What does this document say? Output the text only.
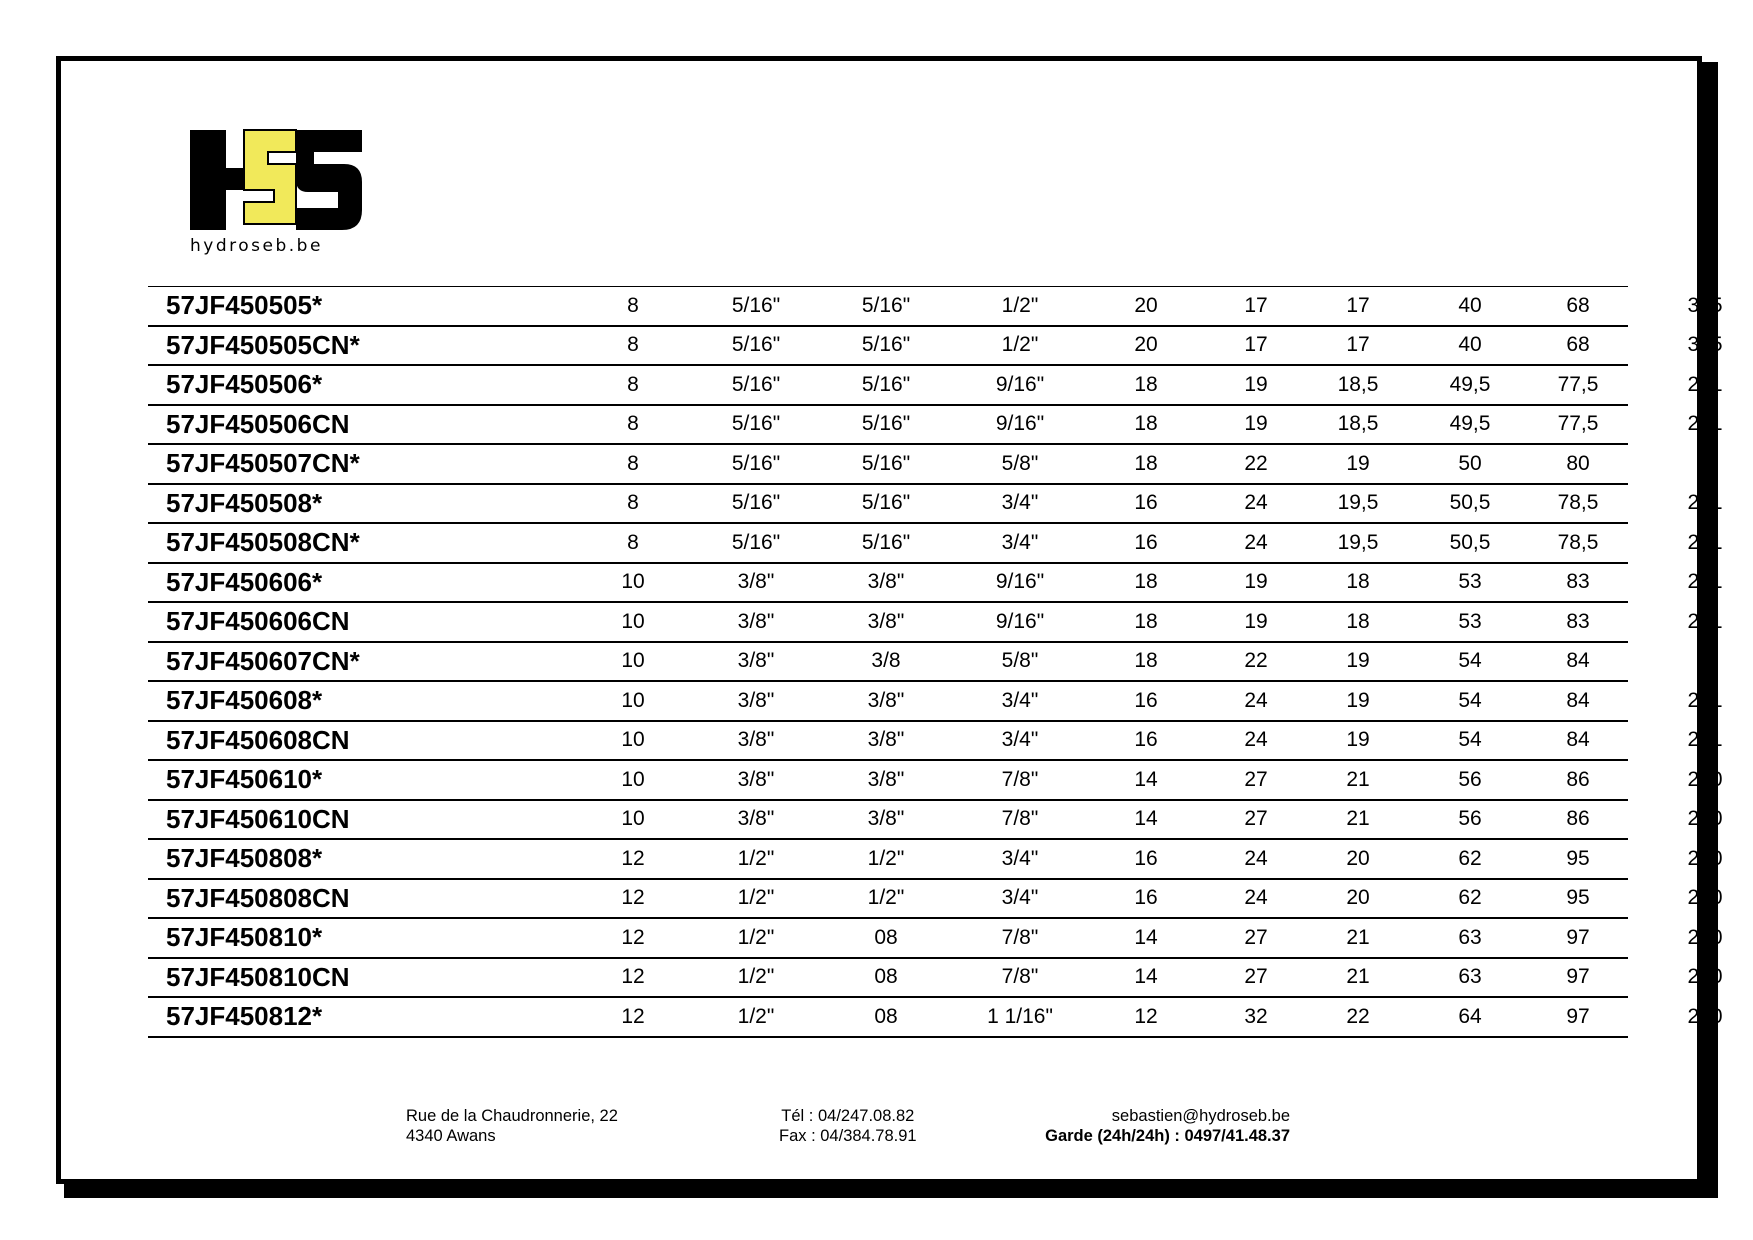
hydroseb.be
57JF450505*	8	5/16"	5/16"	1/2"	20	17	17	40	68	345
57JF450505CN*	8	5/16"	5/16"	1/2"	20	17	17	40	68	345
57JF450506*	8	5/16"	5/16"	9/16"	18	19	18,5	49,5	77,5	241
57JF450506CN	8	5/16"	5/16"	9/16"	18	19	18,5	49,5	77,5	241
57JF450507CN*	8	5/16"	5/16"	5/8"	18	22	19	50	80	-
57JF450508*	8	5/16"	5/16"	3/4"	16	24	19,5	50,5	78,5	241
57JF450508CN*	8	5/16"	5/16"	3/4"	16	24	19,5	50,5	78,5	241
57JF450606*	10	3/8"	3/8"	9/16"	18	19	18	53	83	241
57JF450606CN	10	3/8"	3/8"	9/16"	18	19	18	53	83	241
57JF450607CN*	10	3/8"	3/8	5/8"	18	22	19	54	84	-
57JF450608*	10	3/8"	3/8"	3/4"	16	24	19	54	84	241
57JF450608CN	10	3/8"	3/8"	3/4"	16	24	19	54	84	241
57JF450610*	10	3/8"	3/8"	7/8"	14	27	21	56	86	200
57JF450610CN	10	3/8"	3/8"	7/8"	14	27	21	56	86	200
57JF450808*	12	1/2"	1/2"	3/4"	16	24	20	62	95	200
57JF450808CN	12	1/2"	1/2"	3/4"	16	24	20	62	95	200
57JF450810*	12	1/2"	08	7/8"	14	27	21	63	97	200
57JF450810CN	12	1/2"	08	7/8"	14	27	21	63	97	200
57JF450812*	12	1/2"	08	1 1/16"	12	32	22	64	97	200
Rue de la Chaudronnerie, 22
4340 Awans
Tél : 04/247.08.82
Fax : 04/384.78.91
sebastien@hydroseb.be
Garde (24h/24h) : 0497/41.48.37
